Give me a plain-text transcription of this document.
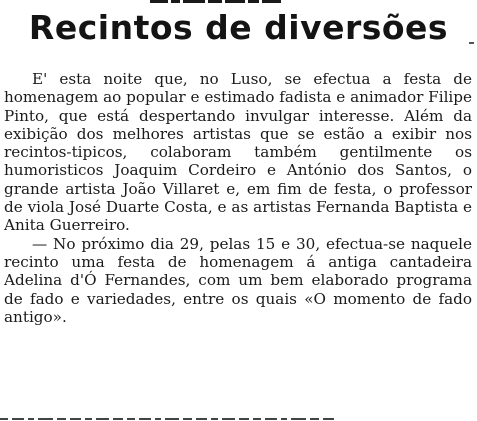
Recintos de diversões

E' esta noite que, no Luso, se efectua a festa de homenagem ao popular e estimado fadista e animador Filipe Pinto, que está despertando invulgar interesse. Além da exibição dos melhores artistas que se estão a exibir nos recintos-tipicos, colaboram também gentilmente os humoristicos Joaquim Cordeiro e António dos Santos, o grande artista João Villaret e, em fim de festa, o professor de viola José Duarte Costa, e as artistas Fernanda Baptista e Anita Guerreiro.

— No próximo dia 29, pelas 15 e 30, efectua-se naquele recinto uma festa de homenagem á antiga cantadeira Adelina d'Ó Fernandes, com um bem elaborado programa de fado e variedades, entre os quais «O momento de fado antigo».
